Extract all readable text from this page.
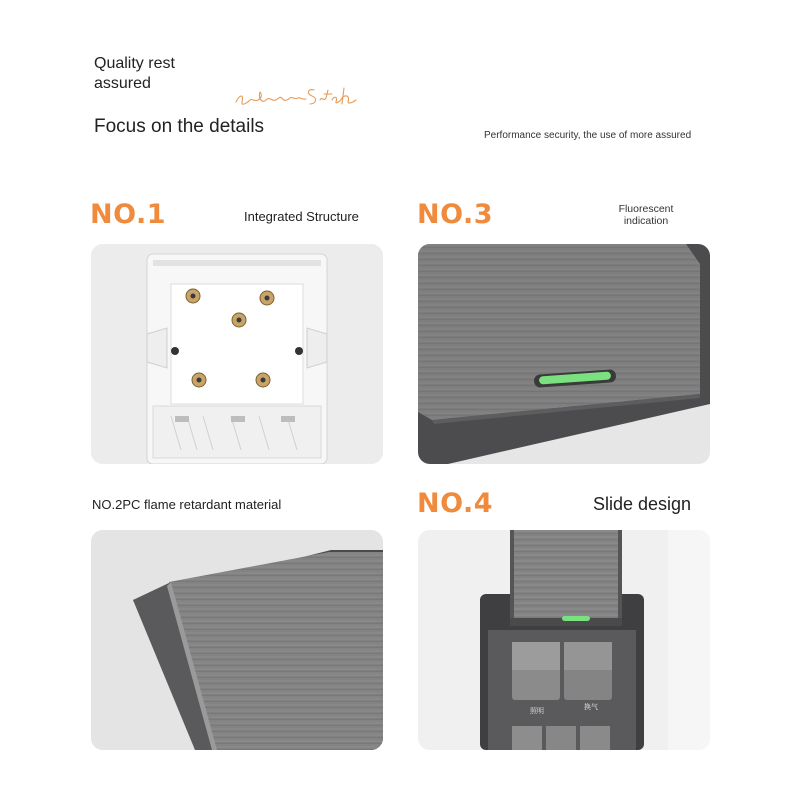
Quality rest
assured
Focus on the details	Performance security, the use of more assured
NO.1	Integrated Structure NO.3	Fluorescent
indication
NO.2PC flame retardant material	NO.4	Slide design
照明	换气
